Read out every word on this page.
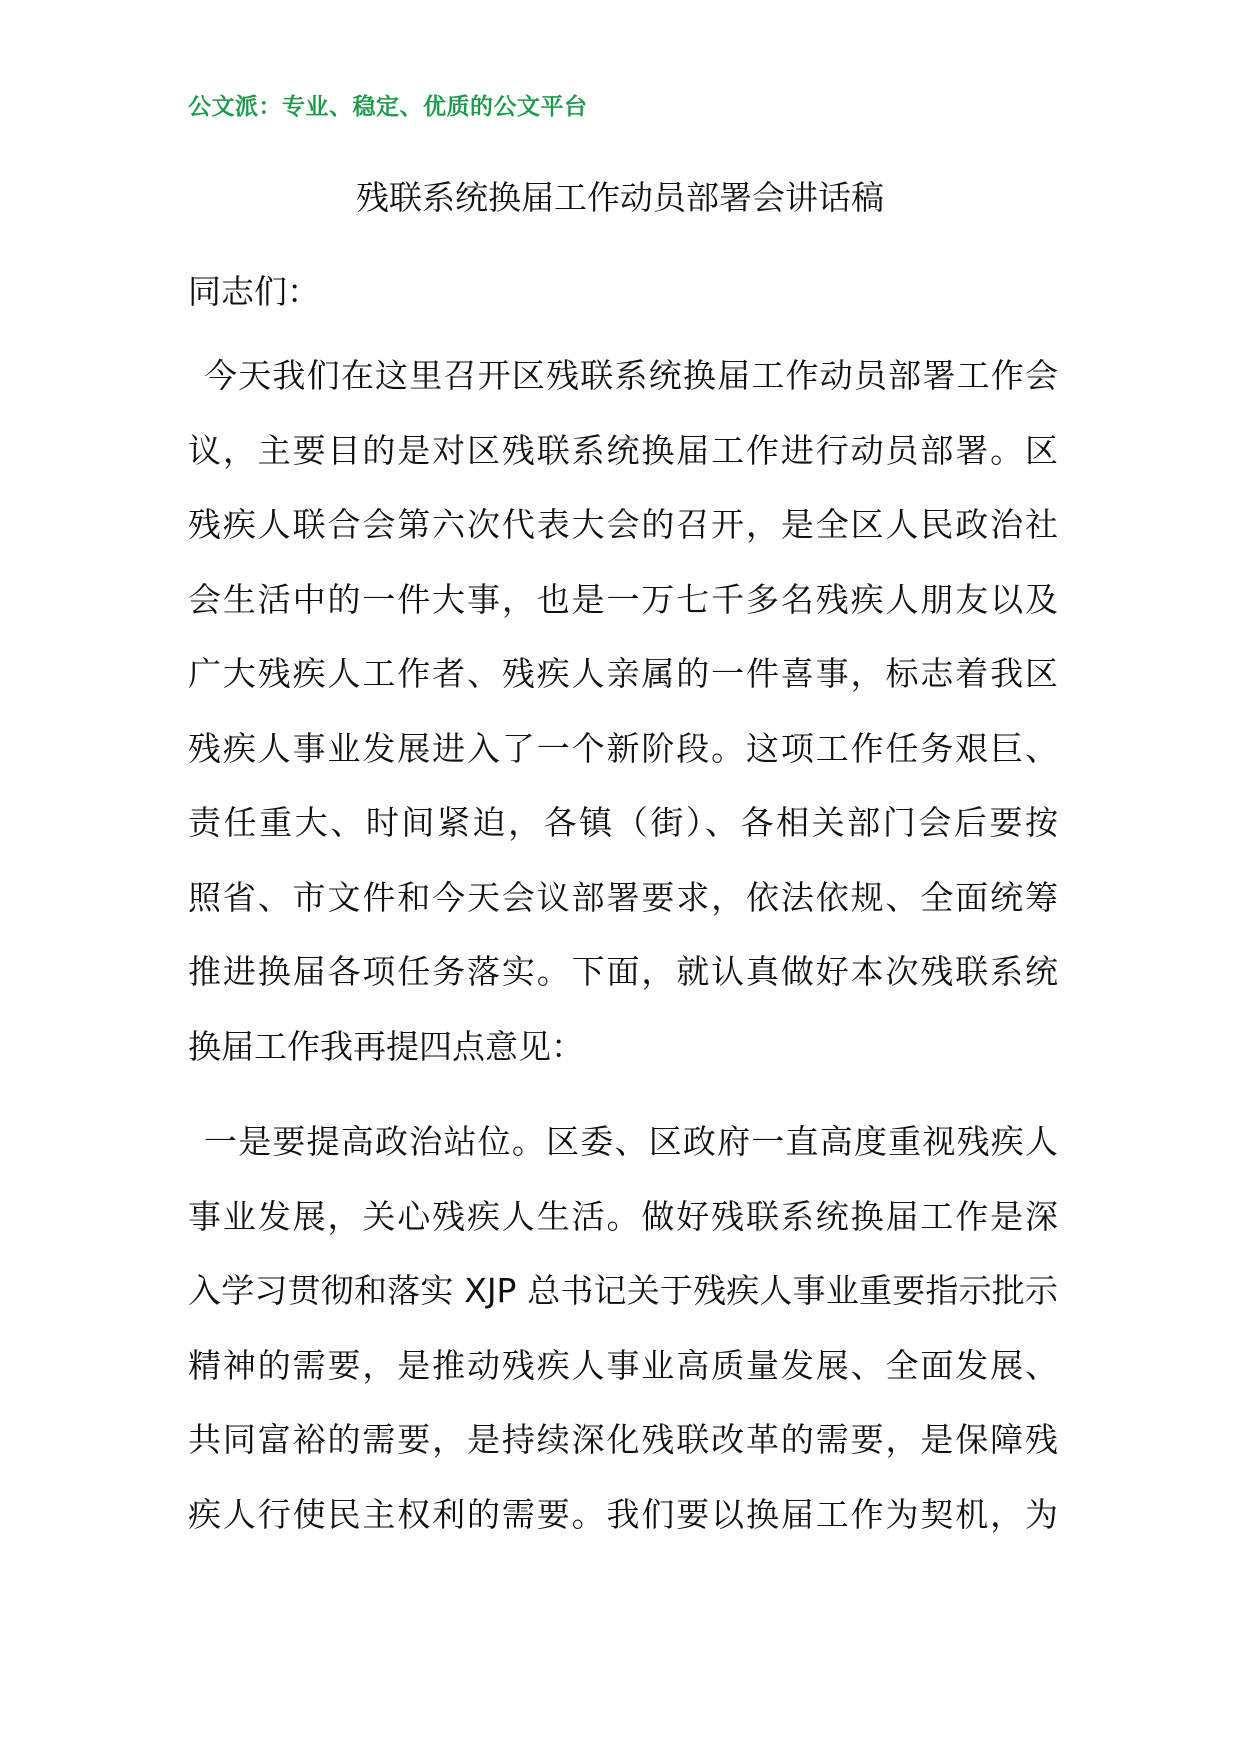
公文派：专业、稳定、优质的公文平台
残联系统换届工作动员部署会讲话稿
同志们：
今天我们在这里召开区残联系统换届工作动员部署工作会
议，主要目的是对区残联系统换届工作进行动员部署。区
残疾人联合会第六次代表大会的召开，是全区人民政治社
会生活中的一件大事，也是一万七千多名残疾人朋友以及
广大残疾人工作者、残疾人亲属的一件喜事，标志着我区
残疾人事业发展进入了一个新阶段。这项工作任务艰巨、
责任重大、时间紧迫，各镇（街）、各相关部门会后要按
照省、市文件和今天会议部署要求，依法依规、全面统筹
推进换届各项任务落实。下面，就认真做好本次残联系统
换届工作我再提四点意见：
一是要提高政治站位。区委、区政府一直高度重视残疾人
事业发展，关心残疾人生活。做好残联系统换届工作是深
入学习贯彻和落实 XJP 总书记关于残疾人事业重要指示批示
精神的需要，是推动残疾人事业高质量发展、全面发展、
共同富裕的需要，是持续深化残联改革的需要，是保障残
疾人行使民主权利的需要。我们要以换届工作为契机，为
